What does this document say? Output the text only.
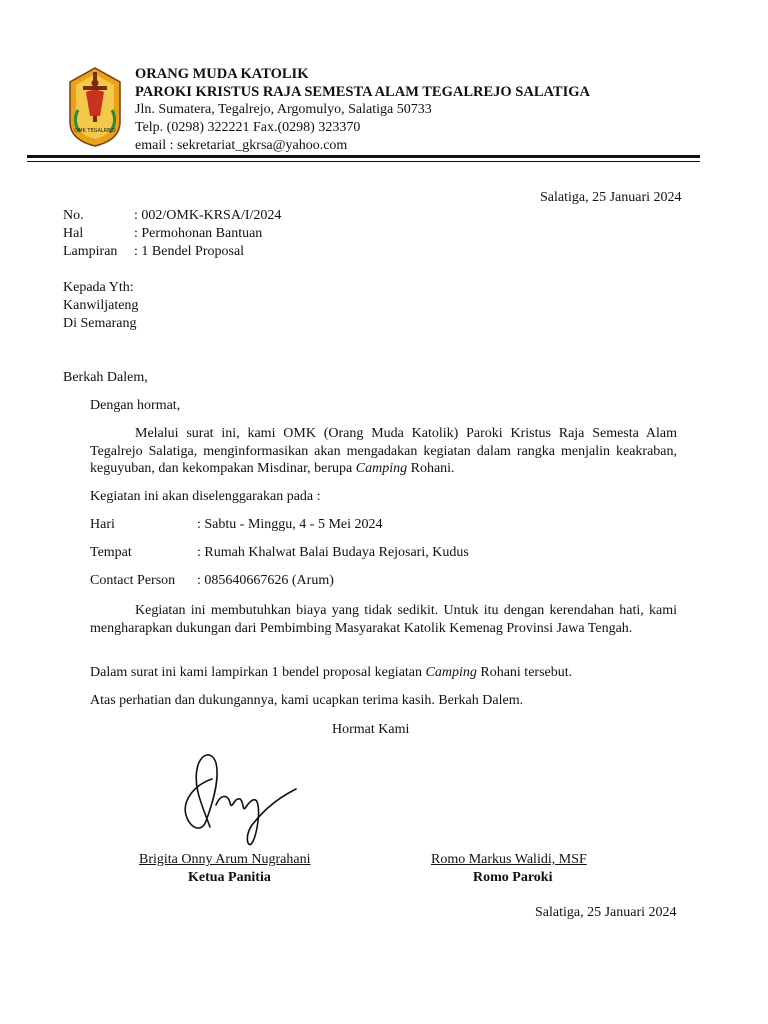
OMK TEGALREJO
ORANG MUDA KATOLIK
PAROKI KRISTUS RAJA SEMESTA ALAM TEGALREJO SALATIGA
Jln. Sumatera, Tegalrejo, Argomulyo, Salatiga 50733
Telp. (0298) 322221 Fax.(0298) 323370
email : sekretariat_gkrsa@yahoo.com
Salatiga, 25 Januari 2024
No.	: 002/OMK-KRSA/I/2024
Hal	: Permohonan Bantuan
Lampiran : 1 Bendel Proposal
Kepada Yth:
Kanwiljateng
Di Semarang
Berkah Dalem,
Dengan hormat,
Melalui surat ini, kami OMK (Orang Muda Katolik) Paroki Kristus Raja Semesta Alam Tegalrejo Salatiga, menginformasikan akan mengadakan kegiatan dalam rangka menjalin keakraban, keguyuban, dan kekompakan Misdinar, berupa Camping Rohani.
Kegiatan ini akan diselenggarakan pada :
Hari	: Sabtu - Minggu, 4 - 5 Mei 2024
Tempat	: Rumah Khalwat Balai Budaya Rejosari, Kudus
Contact Person : 085640667626 (Arum)
Kegiatan ini membutuhkan biaya yang tidak sedikit. Untuk itu dengan kerendahan hati, kami mengharapkan dukungan dari Pembimbing Masyarakat Katolik Kemenag Provinsi Jawa Tengah.
Dalam surat ini kami lampirkan 1 bendel proposal kegiatan Camping Rohani tersebut.
Atas perhatian dan dukungannya, kami ucapkan terima kasih. Berkah Dalem.
Hormat Kami
Brigita Onny Arum Nugrahani
Ketua Panitia
Romo Markus Walidi, MSF
Romo Paroki
Salatiga, 25 Januari 2024
